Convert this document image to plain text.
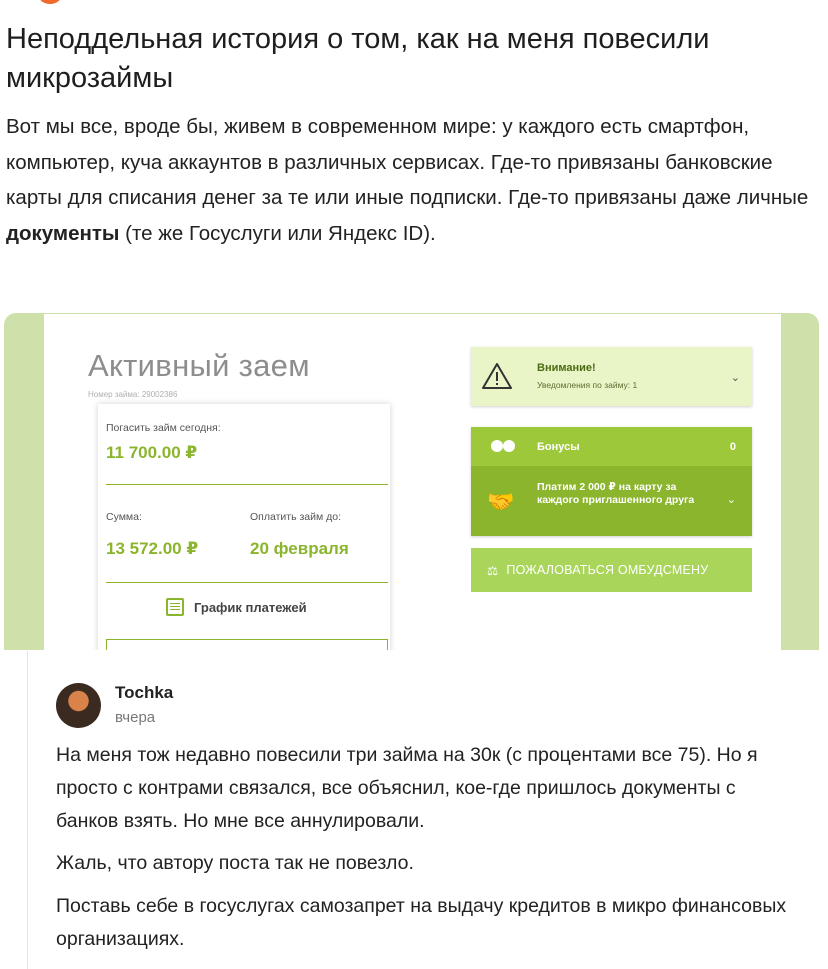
Неподдельная история о том, как на меня повесили микрозаймы

Вот мы все, вроде бы, живем в современном мире: у каждого есть смартфон, компьютер, куча аккаунтов в различных сервисах. Где-то привязаны банковские карты для списания денег за те или иные подписки. Где-то привязаны даже личные документы (те же Госуслуги или Яндекс ID).

Активный заем
Номер займа: 29002386
Погасить займ сегодня:
11 700.00 ₽
Сумма:	Оплатить займ до:
13 572.00 ₽	20 февраля
График платежей
Внимание!
Уведомления по займу: 1
⌄
Бонусы	0
🤝
Платим 2 000 ₽ на карту за каждого приглашенного друга	⌄
⚖ ПОЖАЛОВАТЬСЯ ОМБУДСМЕНУ
Tochka
вчера

На меня тож недавно повесили три займа на 30к (с процентами все 75). Но я просто с контрами связался, все объяснил, кое-где пришлось документы с банков взять. Но мне все аннулировали.

Жаль, что автору поста так не повезло.

Поставь себе в госуслугах самозапрет на выдачу кредитов в микро финансовых организациях.
